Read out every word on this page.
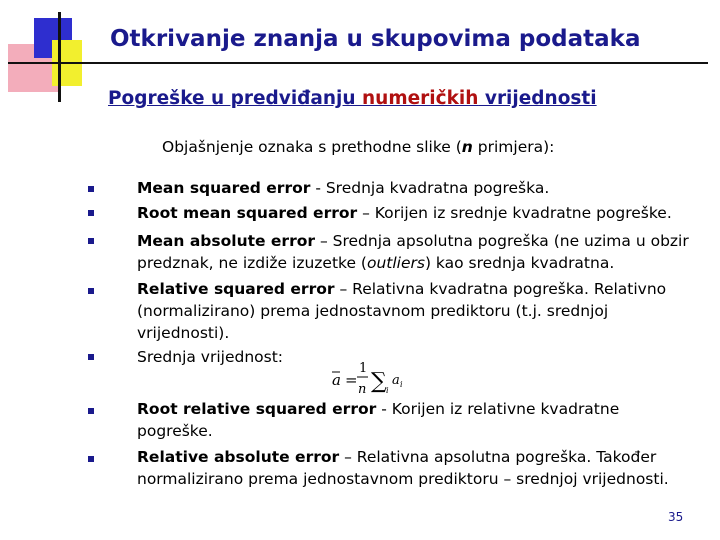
Otkrivanje znanja u skupovima podataka
Pogreške u predviđanju numeričkih vrijednosti
Objašnjenje oznaka s prethodne slike (n primjera):
Mean squared error - Srednja kvadratna pogreška.
Root mean squared error – Korijen iz srednje kvadratne pogreške.
Mean absolute error – Srednja apsolutna pogreška (ne uzima u obzir predznak, ne izdiže izuzetke (outliers) kao srednja kvadratna.
Relative squared error – Relativna kvadratna pogreška. Relativno (normalizirano) prema jednostavnom prediktoru (t.j. srednjoj vrijednosti).
Srednja vrijednost:
a =
1
n ∑ i
a i
Root relative squared error - Korijen iz relativne kvadratne pogreške.
Relative absolute error – Relativna apsolutna pogreška. Također normalizirano prema jednostavnom prediktoru – srednjoj vrijednosti.
35
